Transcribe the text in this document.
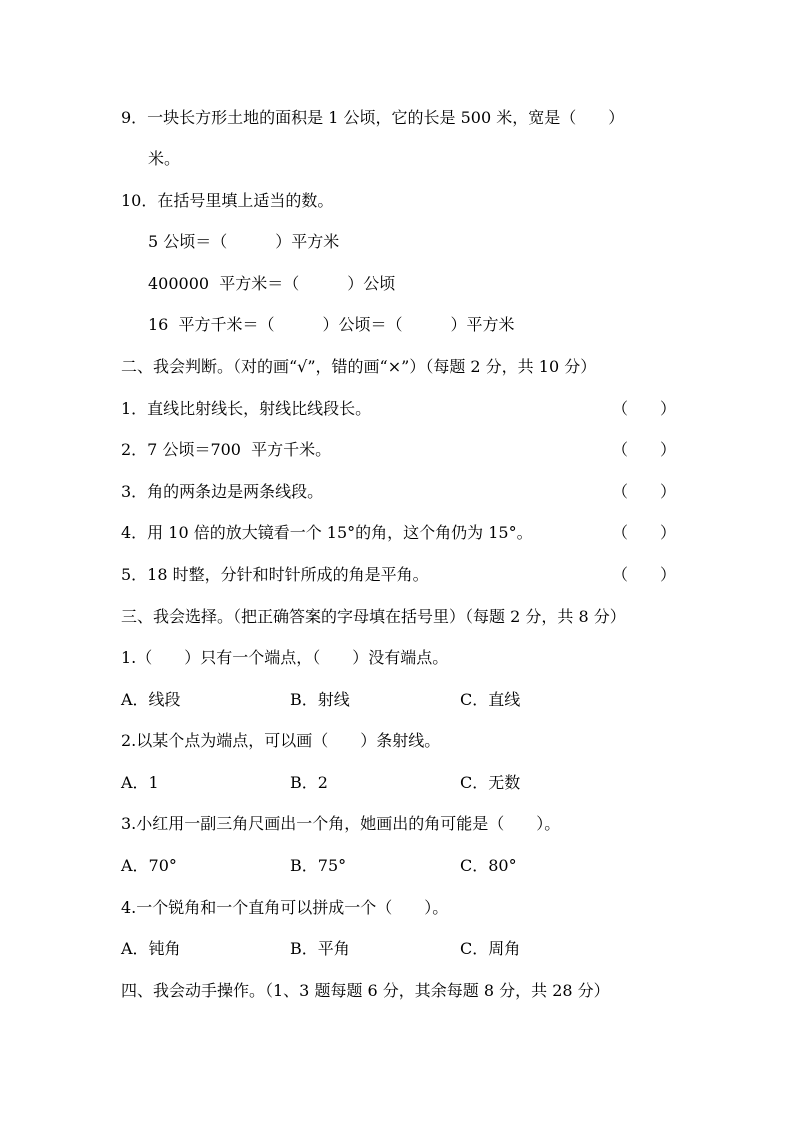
9．一块长方形土地的面积是 1 公顷，它的长是 500 米，宽是（　　）
米。
10．在括号里填上适当的数。
5 公顷＝（　　　）平方米
400000  平方米＝（　　　）公顷
16  平方千米＝（　　　）公顷＝（　　　）平方米
二、我会判断。（对的画“√”，错的画“×”）（每题 2 分，共 10 分）
1．直线比射线长，射线比线段长。	（　　）
2．7 公顷＝700  平方千米。	（　　）
3．角的两条边是两条线段。	（　　）
4．用 10 倍的放大镜看一个 15°的角，这个角仍为 15°。	（　　）
5．18 时整，分针和时针所成的角是平角。	（　　）
三、我会选择。（把正确答案的字母填在括号里）（每题 2 分，共 8 分）
1.（　　）只有一个端点，（　　）没有端点。
A．线段	B．射线	C．直线
2.以某个点为端点，可以画（　　）条射线。
A．1	B．2	C．无数
3.小红用一副三角尺画出一个角，她画出的角可能是（　　）。
A．70°	B．75°	C．80°
4.一个锐角和一个直角可以拼成一个（　　）。
A．钝角	B．平角	C．周角
四、我会动手操作。（1、3 题每题 6 分，其余每题 8 分，共 28 分）
